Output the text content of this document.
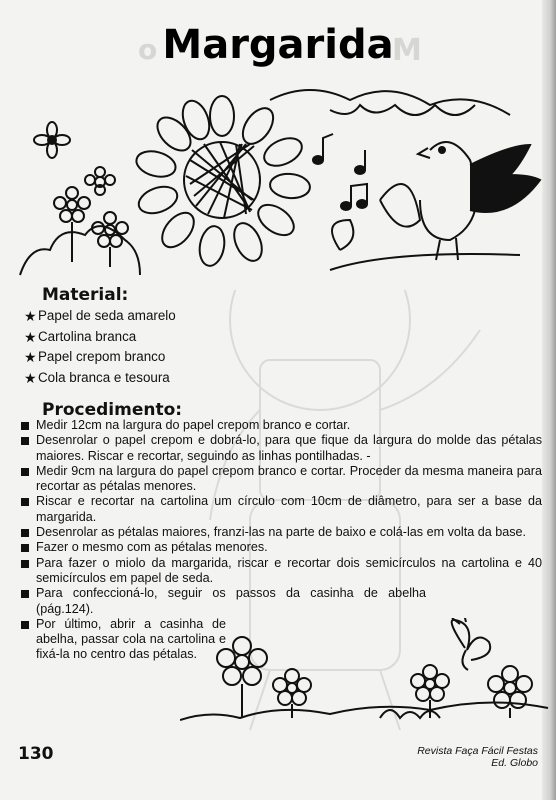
o	M
Margarida
Material:
★ Papel de seda amarelo
★ Cartolina branca
★ Papel crepom branco
★ Cola branca e tesoura
Procedimento:
Medir 12cm na largura do papel crepom branco e cortar.
Desenrolar o papel crepom e dobrá-lo, para que fique da largura do molde das pétalas maiores. Riscar e recortar, seguindo as linhas pontilhadas. -
Medir 9cm na largura do papel crepom branco e cortar. Proceder da mesma maneira para recortar as pétalas menores.
Riscar e recortar na cartolina um círculo com 10cm de diâmetro, para ser a base da margarida.
Desenrolar as pétalas maiores, franzi-las na parte de baixo e colá-las em volta da base.
Fazer o mesmo com as pétalas menores.
Para fazer o miolo da margarida, riscar e recortar dois semicírculos na cartolina e 40 semicírculos em papel de seda.
Para confeccioná-lo, seguir os passos da casinha de abelha (pág.124).
Por último, abrir a casinha de abelha, passar cola na cartolina e fixá-la no centro das pétalas.
130	Revista Faça Fácil Festas
Ed. Globo
